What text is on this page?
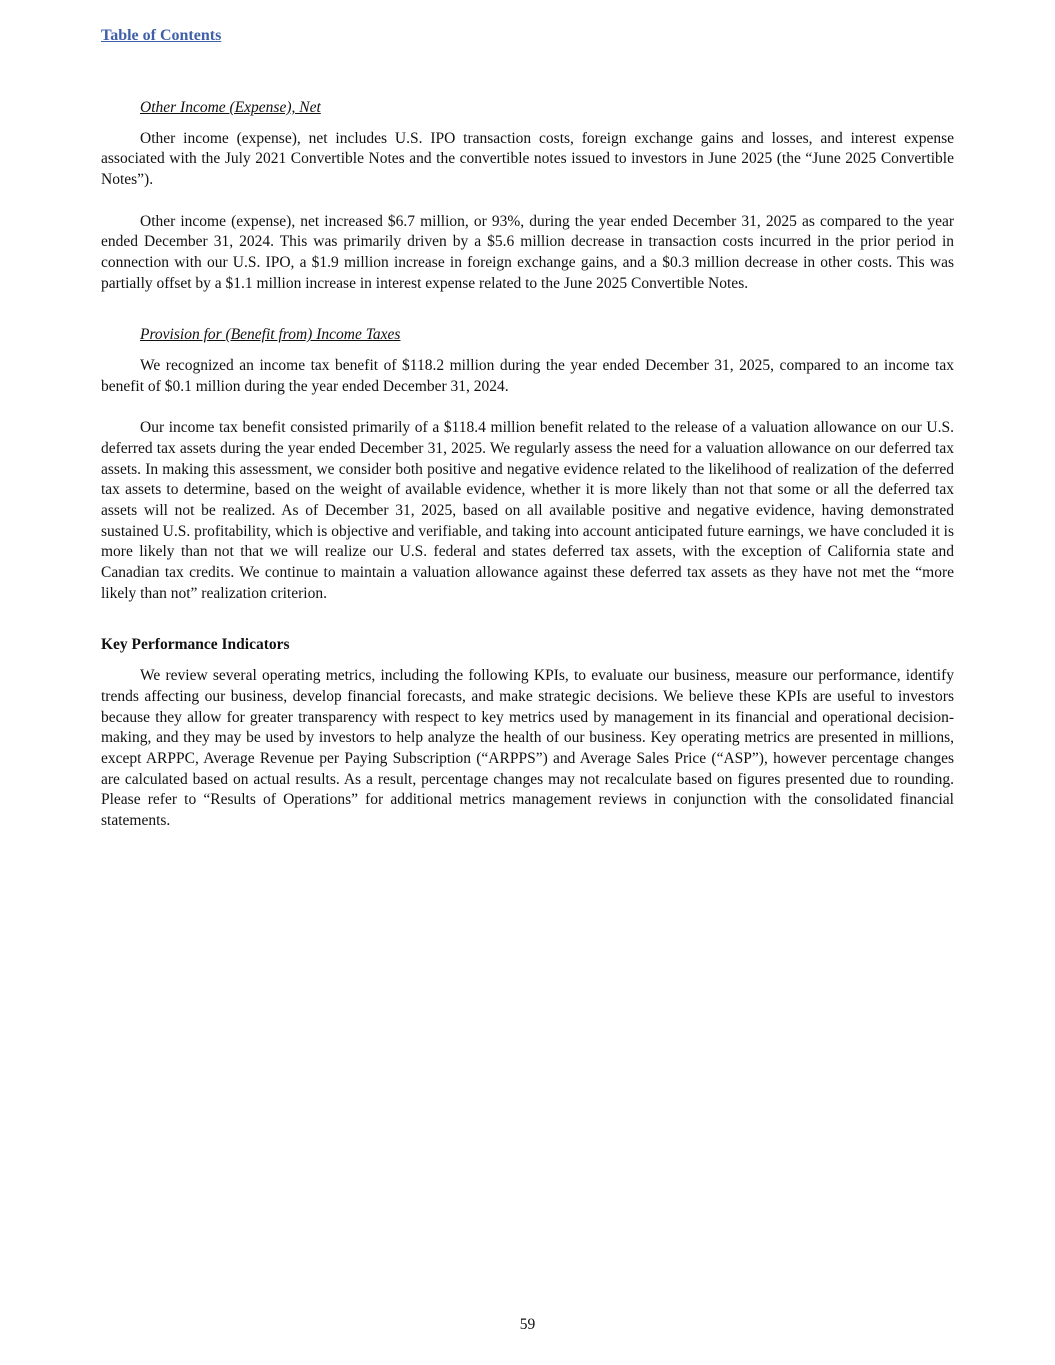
Table of Contents

Other Income (Expense), Net

Other income (expense), net includes U.S. IPO transaction costs, foreign exchange gains and losses, and interest expense associated with the July 2021 Convertible Notes and the convertible notes issued to investors in June 2025 (the “June 2025 Convertible Notes”).

Other income (expense), net increased $6.7 million, or 93%, during the year ended December 31, 2025 as compared to the year ended December 31, 2024. This was primarily driven by a $5.6 million decrease in transaction costs incurred in the prior period in connection with our U.S. IPO, a $1.9 million increase in foreign exchange gains, and a $0.3 million decrease in other costs. This was partially offset by a $1.1 million increase in interest expense related to the June 2025 Convertible Notes.

Provision for (Benefit from) Income Taxes

We recognized an income tax benefit of $118.2 million during the year ended December 31, 2025, compared to an income tax benefit of $0.1 million during the year ended December 31, 2024.

Our income tax benefit consisted primarily of a $118.4 million benefit related to the release of a valuation allowance on our U.S. deferred tax assets during the year ended December 31, 2025. We regularly assess the need for a valuation allowance on our deferred tax assets. In making this assessment, we consider both positive and negative evidence related to the likelihood of realization of the deferred tax assets to determine, based on the weight of available evidence, whether it is more likely than not that some or all the deferred tax assets will not be realized. As of December 31, 2025, based on all available positive and negative evidence, having demonstrated sustained U.S. profitability, which is objective and verifiable, and taking into account anticipated future earnings, we have concluded it is more likely than not that we will realize our U.S. federal and states deferred tax assets, with the exception of California state and Canadian tax credits. We continue to maintain a valuation allowance against these deferred tax assets as they have not met the “more likely than not” realization criterion.

Key Performance Indicators

We review several operating metrics, including the following KPIs, to evaluate our business, measure our performance, identify trends affecting our business, develop financial forecasts, and make strategic decisions. We believe these KPIs are useful to investors because they allow for greater transparency with respect to key metrics used by management in its financial and operational decision-making, and they may be used by investors to help analyze the health of our business. Key operating metrics are presented in millions, except ARPPC, Average Revenue per Paying Subscription (“ARPPS”) and Average Sales Price (“ASP”), however percentage changes are calculated based on actual results. As a result, percentage changes may not recalculate based on figures presented due to rounding. Please refer to “Results of Operations” for additional metrics management reviews in conjunction with the consolidated financial statements.

59
